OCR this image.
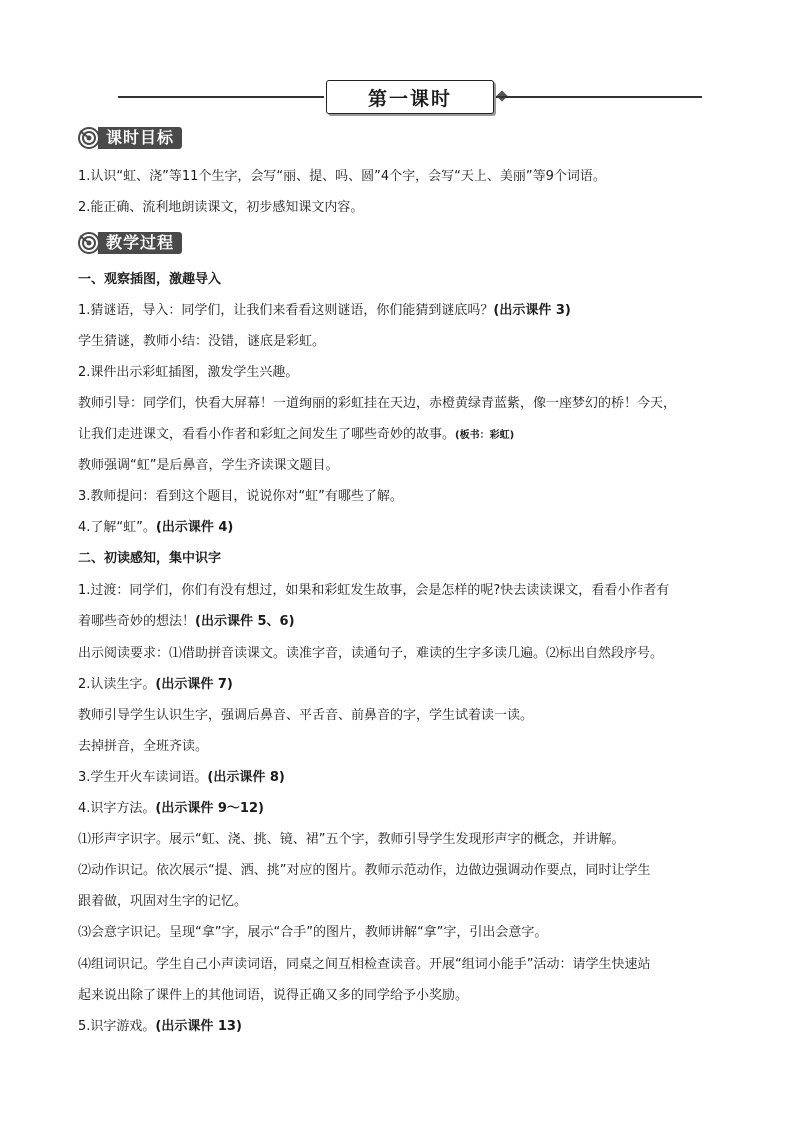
第一课时
课时目标
1.认识“虹、浇”等11个生字，会写“丽、提、吗、圆”4个字，会写“天上、美丽”等9个词语。
2.能正确、流利地朗读课文，初步感知课文内容。
教学过程
一、观察插图，激趣导入
1.猜谜语，导入：同学们，让我们来看看这则谜语，你们能猜到谜底吗？(出示课件 3)
学生猜谜，教师小结：没错，谜底是彩虹。
2.课件出示彩虹插图，激发学生兴趣。
教师引导：同学们，快看大屏幕！一道绚丽的彩虹挂在天边，赤橙黄绿青蓝紫，像一座梦幻的桥！今天，
让我们走进课文，看看小作者和彩虹之间发生了哪些奇妙的故事。(板书：彩虹)
教师强调“虹”是后鼻音，学生齐读课文题目。
3.教师提问：看到这个题目，说说你对“虹”有哪些了解。
4.了解“虹”。(出示课件 4)
二、初读感知，集中识字
1.过渡：同学们，你们有没有想过，如果和彩虹发生故事，会是怎样的呢?快去读读课文，看看小作者有
着哪些奇妙的想法！(出示课件 5、6)
出示阅读要求：⑴借助拼音读课文。读准字音，读通句子，难读的生字多读几遍。⑵标出自然段序号。
2.认读生字。(出示课件 7)
教师引导学生认识生字，强调后鼻音、平舌音、前鼻音的字，学生试着读一读。
去掉拼音，全班齐读。
3.学生开火车读词语。(出示课件 8)
4.识字方法。(出示课件 9～12)
⑴形声字识字。展示“虹、浇、挑、镜、裙”五个字，教师引导学生发现形声字的概念，并讲解。
⑵动作识记。依次展示“提、洒、挑”对应的图片。教师示范动作，边做边强调动作要点，同时让学生
跟着做，巩固对生字的记忆。
⑶会意字识记。呈现“拿”字，展示“合手”的图片，教师讲解“拿”字，引出会意字。
⑷组词识记。学生自己小声读词语，同桌之间互相检查读音。开展“组词小能手”活动：请学生快速站
起来说出除了课件上的其他词语，说得正确又多的同学给予小奖励。
5.识字游戏。(出示课件 13)
